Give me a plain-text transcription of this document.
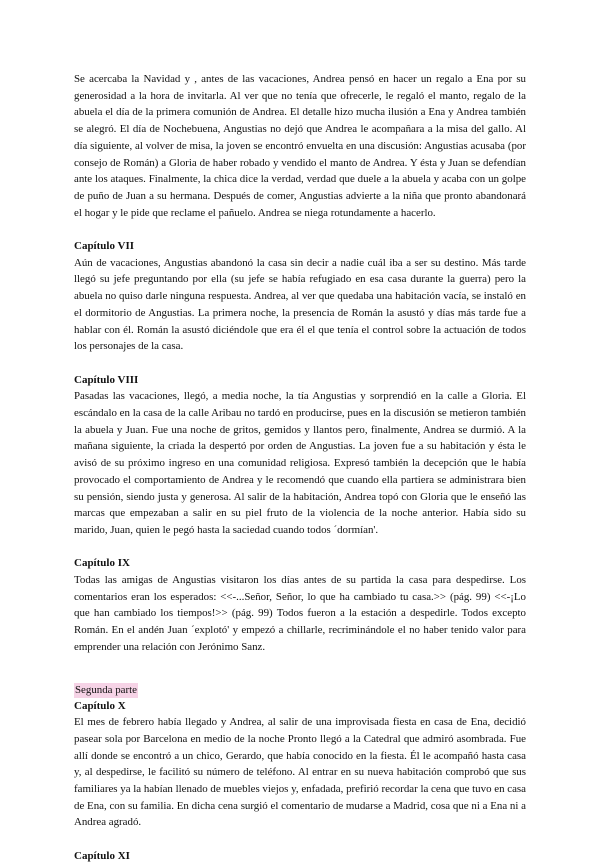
Se acercaba la Navidad y , antes de las vacaciones, Andrea pensó en hacer un regalo a Ena por su generosidad a la hora de invitarla. Al ver que no tenía que ofrecerle, le regaló el manto, regalo de la abuela el día de la primera comunión de Andrea. El detalle hizo mucha ilusión a Ena y Andrea también se alegró. El día de Nochebuena, Angustias no dejó que Andrea le acompañara a la misa del gallo. Al día siguiente, al volver de misa, la joven se encontró envuelta en una discusión: Angustias acusaba (por consejo de Román) a Gloria de haber robado y vendido el manto de Andrea. Y ésta y Juan se defendían ante los ataques. Finalmente, la chica dice la verdad, verdad que duele a la abuela y acaba con un golpe de puño de Juan a su hermana. Después de comer, Angustias advierte a la niña que pronto abandonará el hogar y le pide que reclame el pañuelo. Andrea se niega rotundamente a hacerlo.

Capítulo VII

Aún de vacaciones, Angustias abandonó la casa sin decir a nadie cuál iba a ser su destino. Más tarde llegó su jefe preguntando por ella (su jefe se había refugiado en esa casa durante la guerra) pero la abuela no quiso darle ninguna respuesta. Andrea, al ver que quedaba una habitación vacía, se instaló en el dormitorio de Angustias. La primera noche, la presencia de Román la asustó y días más tarde fue a hablar con él. Román la asustó diciéndole que era él el que tenía el control sobre la actuación de todos los personajes de la casa.

Capítulo VIII

Pasadas las vacaciones, llegó, a media noche, la tía Angustias y sorprendió en la calle a Gloria. El escándalo en la casa de la calle Aribau no tardó en producirse, pues en la discusión se metieron también la abuela y Juan. Fue una noche de gritos, gemidos y llantos pero, finalmente, Andrea se durmió. A la mañana siguiente, la criada la despertó por orden de Angustias. La joven fue a su habitación y ésta le avisó de su próximo ingreso en una comunidad religiosa. Expresó también la decepción que le había provocado el comportamiento de Andrea y le recomendó que cuando ella partiera se administrara bien su pensión, siendo justa y generosa. Al salir de la habitación, Andrea topó con Gloria que le enseñó las marcas que empezaban a salir en su piel fruto de la violencia de la noche anterior. Había sido su marido, Juan, quien le pegó hasta la saciedad cuando todos ´dormían'.

Capítulo IX

Todas las amigas de Angustias visitaron los días antes de su partida la casa para despedirse. Los comentarios eran los esperados: <<-...Señor, Señor, lo que ha cambiado tu casa.>> (pág. 99) <<-¡Lo que han cambiado los tiempos!>> (pág. 99) Todos fueron a la estación a despedirle. Todos excepto Román. En el andén Juan ´explotó' y empezó a chillarle, recriminándole el no haber tenido valor para emprender una relación con Jerónimo Sanz.

Segunda parte
Capítulo X

El mes de febrero había llegado y Andrea, al salir de una improvisada fiesta en casa de Ena, decidió pasear sola por Barcelona en medio de la noche Pronto llegó a la Catedral que admiró asombrada. Fue allí donde se encontró a un chico, Gerardo, que había conocido en la fiesta. Él le acompañó hasta casa y, al despedirse, le facilitó su número de teléfono. Al entrar en su nueva habitación comprobó que sus familiares ya la habían llenado de muebles viejos y, enfadada, prefirió recordar la cena que tuvo en casa de Ena, con su familia. En dicha cena surgió el comentario de mudarse a Madrid, cosa que ni a Ena ni a Andrea agradó.

Capítulo XI
